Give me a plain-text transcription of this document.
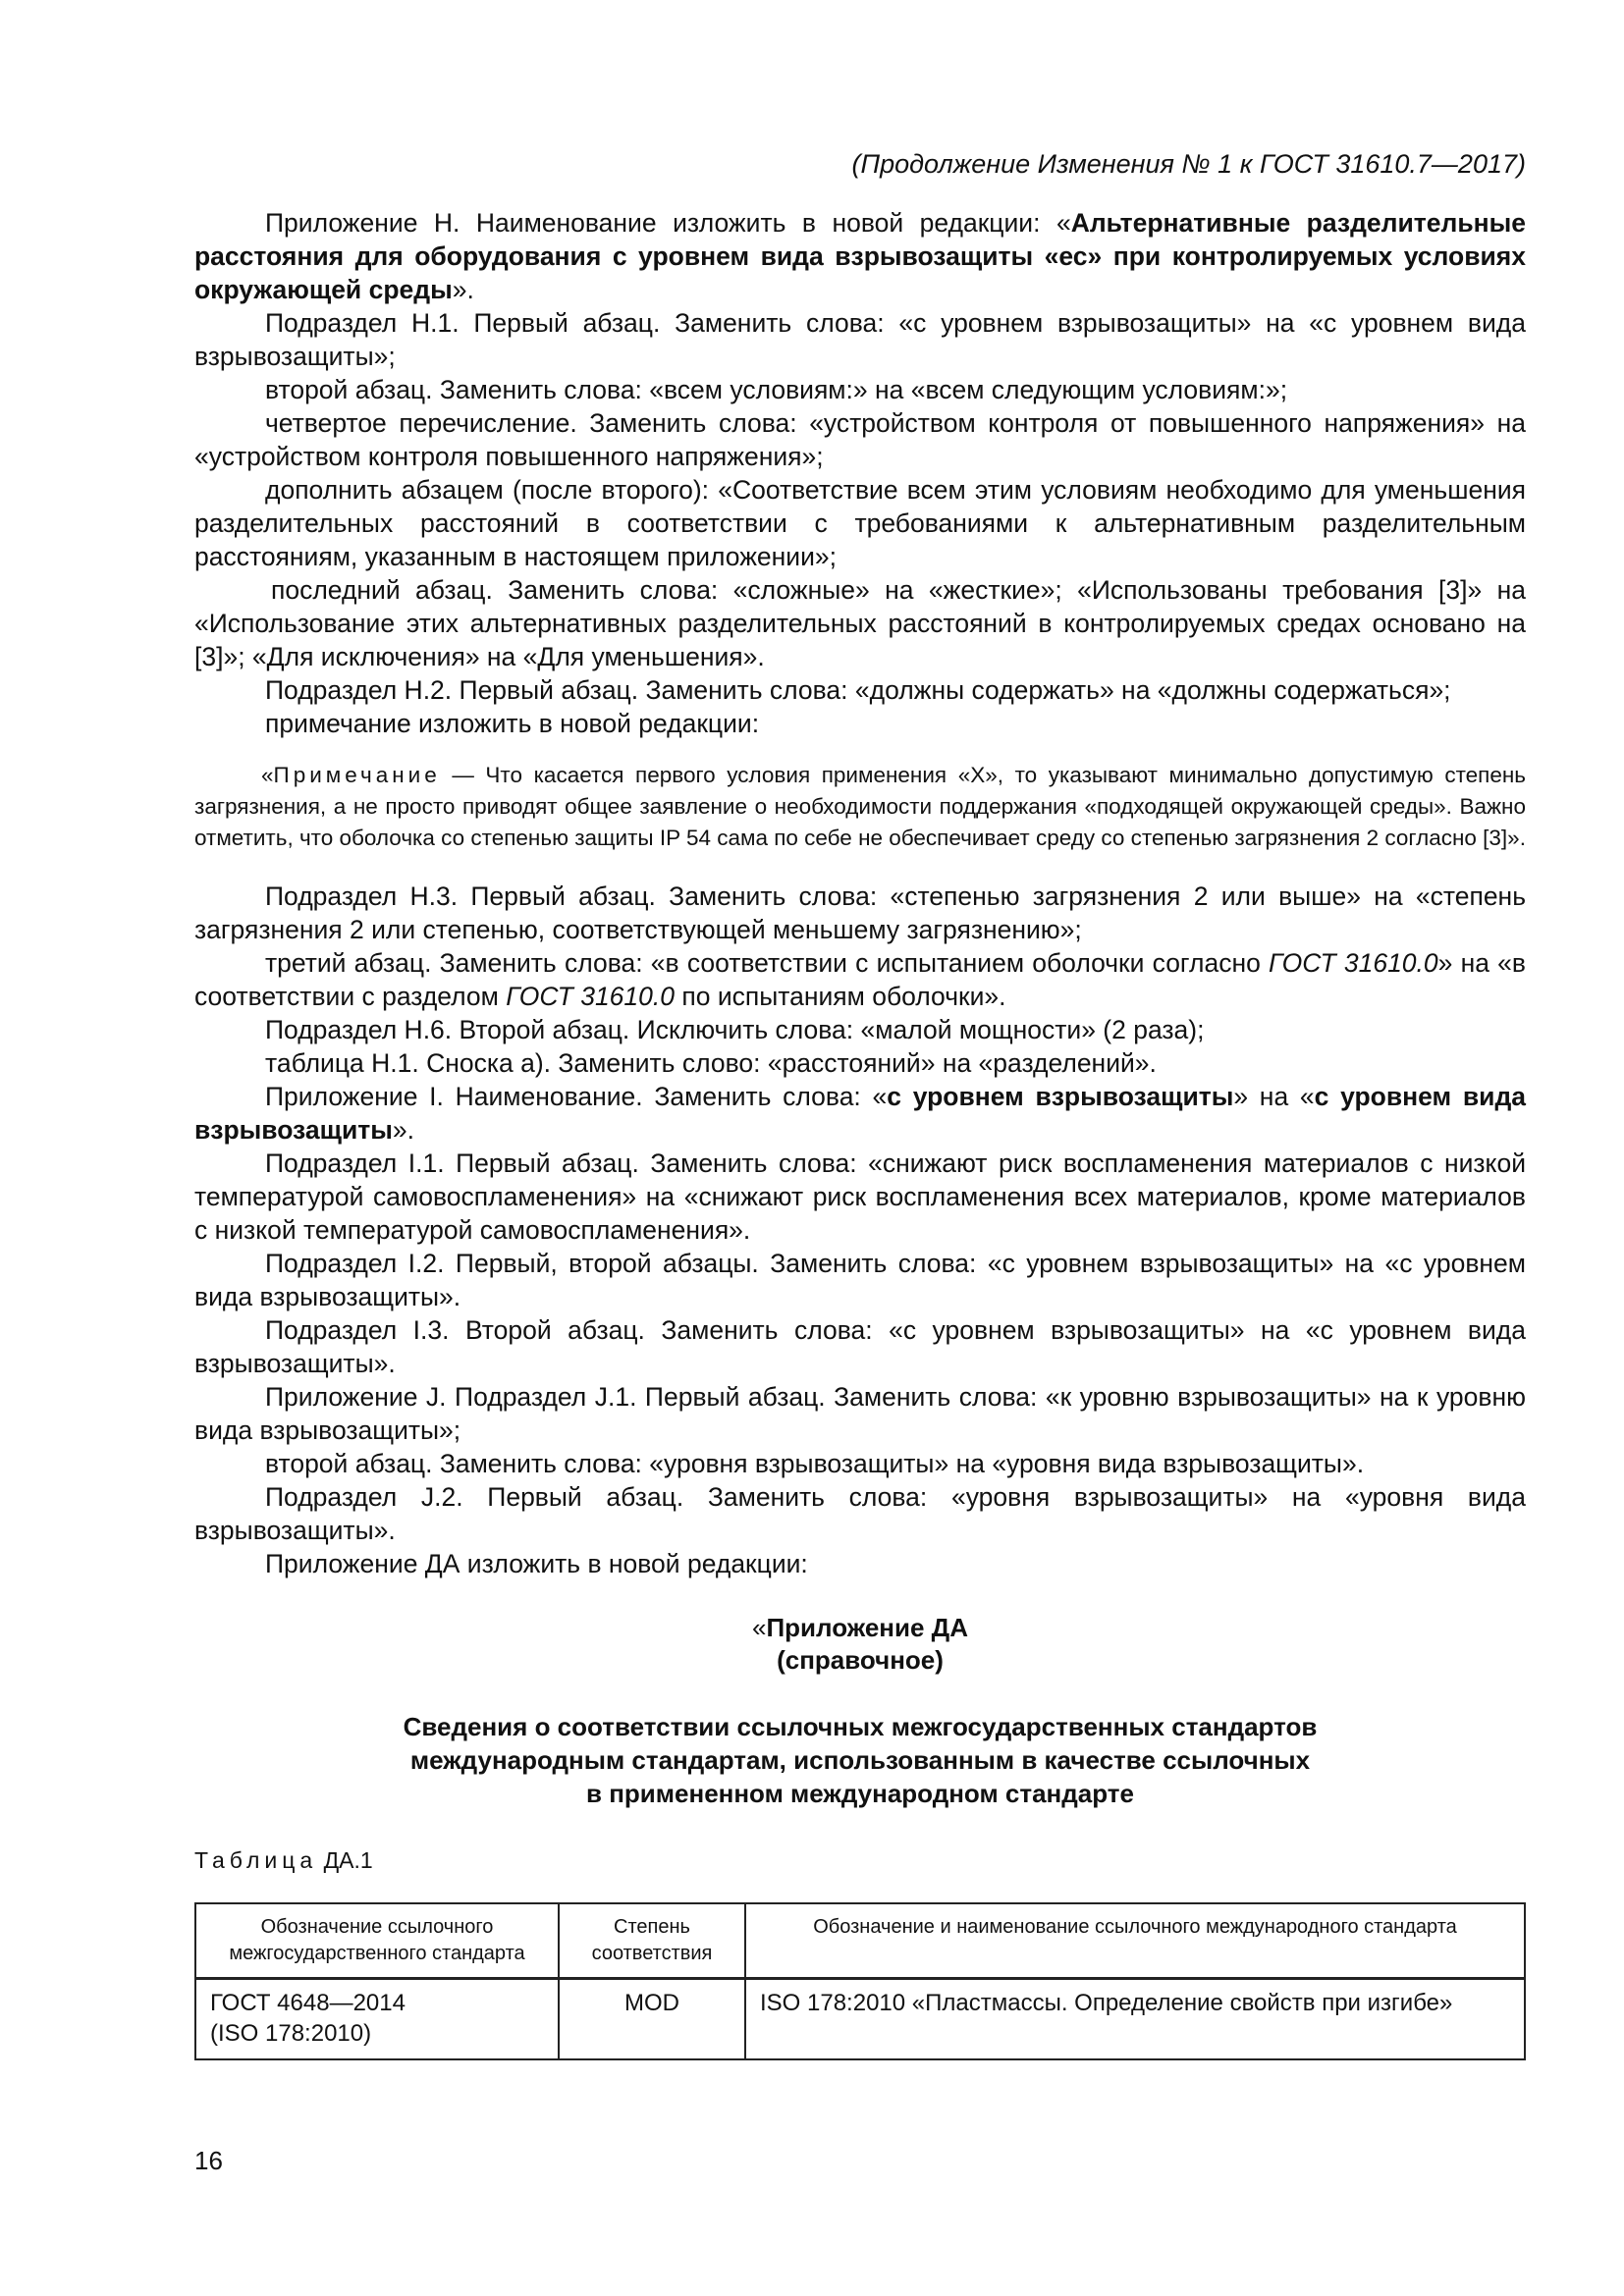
(Продолжение Изменения № 1 к ГОСТ 31610.7—2017)

Приложение H. Наименование изложить в новой редакции: «Альтернативные разделительные расстояния для оборудования с уровнем вида взрывозащиты «ес» при контролируемых условиях окружающей среды».

Подраздел H.1. Первый абзац. Заменить слова: «с уровнем взрывозащиты» на «с уровнем вида взрывозащиты»;

второй абзац. Заменить слова: «всем условиям:» на «всем следующим условиям:»;

четвертое перечисление. Заменить слова: «устройством контроля от повышенного напряжения» на «устройством контроля повышенного напряжения»;

дополнить абзацем (после второго): «Соответствие всем этим условиям необходимо для уменьшения разделительных расстояний в соответствии с требованиями к альтернативным разделительным расстояниям, указанным в настоящем приложении»;

последний абзац. Заменить слова: «сложные» на «жесткие»; «Использованы требования [3]» на «Использование этих альтернативных разделительных расстояний в контролируемых средах основано на [3]»; «Для исключения» на «Для уменьшения».

Подраздел H.2. Первый абзац. Заменить слова: «должны содержать» на «должны содержаться»;

примечание изложить в новой редакции:

«Примечание — Что касается первого условия применения «X», то указывают минимально допустимую степень загрязнения, а не просто приводят общее заявление о необходимости поддержания «подходящей окружающей среды». Важно отметить, что оболочка со степенью защиты IP 54 сама по себе не обеспечивает среду со степенью загрязнения 2 согласно [3]».

Подраздел H.3. Первый абзац. Заменить слова: «степенью загрязнения 2 или выше» на «степень загрязнения 2 или степенью, соответствующей меньшему загрязнению»;

третий абзац. Заменить слова: «в соответствии с испытанием оболочки согласно ГОСТ 31610.0» на «в соответствии с разделом ГОСТ 31610.0 по испытаниям оболочки».

Подраздел H.6. Второй абзац. Исключить слова: «малой мощности» (2 раза);

таблица H.1. Сноска а). Заменить слово: «расстояний» на «разделений».

Приложение I. Наименование. Заменить слова: «с уровнем взрывозащиты» на «с уровнем вида взрывозащиты».

Подраздел I.1. Первый абзац. Заменить слова: «снижают риск воспламенения материалов с низкой температурой самовоспламенения» на «снижают риск воспламенения всех материалов, кроме материалов с низкой температурой самовоспламенения».

Подраздел I.2. Первый, второй абзацы. Заменить слова: «с уровнем взрывозащиты» на «с уровнем вида взрывозащиты».

Подраздел I.3. Второй абзац. Заменить слова: «с уровнем взрывозащиты» на «с уровнем вида взрывозащиты».

Приложение J. Подраздел J.1. Первый абзац. Заменить слова: «к уровню взрывозащиты» на к уровню вида взрывозащиты»;

второй абзац. Заменить слова: «уровня взрывозащиты» на «уровня вида взрывозащиты».

Подраздел J.2. Первый абзац. Заменить слова: «уровня взрывозащиты» на «уровня вида взрывозащиты».

Приложение ДА изложить в новой редакции:

«Приложение ДА
(справочное)
Сведения о соответствии ссылочных межгосударственных стандартов
международным стандартам, использованным в качестве ссылочных
в примененном международном стандарте
Таблица ДА.1
Обозначение ссылочного межгосударственного стандарта	Степень соответствия	Обозначение и наименование ссылочного международного стандарта

ГОСТ 4648—2014
(ISO 178:2010)	MOD	ISO 178:2010 «Пластмассы. Определение свойств при изгибе»
16
